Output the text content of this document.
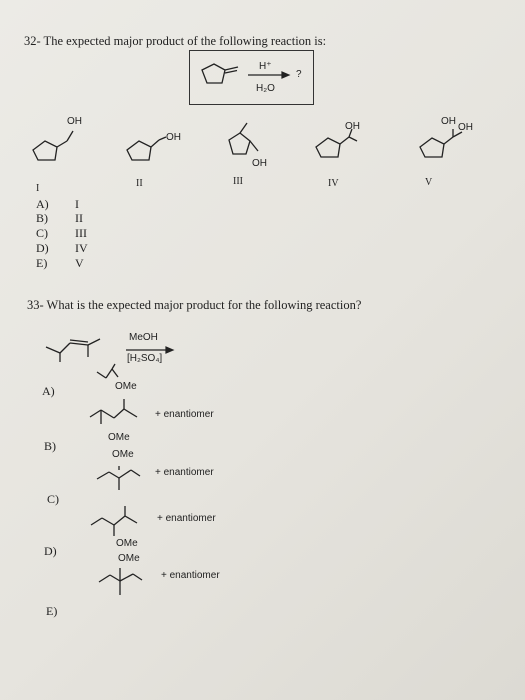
32- The expected major product of the following reaction is:
H⁺
H₂O
?
OH
OH
OH
OH	OH
OH
I	II	III	IV	V
A) I
B) II
C) III
D) IV
E) V
33- What is the expected major product for the following reaction?
MeOH
[H₂SO₄]
OMe
OMe
OMe
OMe
OMe
+ enantiomer
+ enantiomer
+ enantiomer
+ enantiomer
A)
B)
C)
D)
E)
